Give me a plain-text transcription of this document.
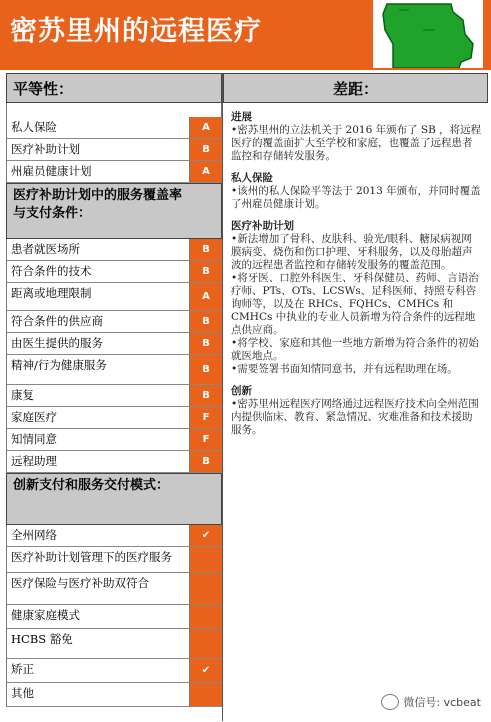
密苏里州的远程医疗
平等性：
私人保险	A
医疗补助计划	B
州雇员健康计划	A
医疗补助计划中的服务覆盖率与支付条件：
患者就医场所	B
符合条件的技术	B
距离或地理限制	A
符合条件的供应商	B
由医生提供的服务	B
精神/行为健康服务	B
康复	B
家庭医疗	F
知情同意	F
远程助理	B
创新支付和服务交付模式：
全州网络	✔
医疗补助计划管理下的医疗服务
医疗保险与医疗补助双符合
健康家庭模式
HCBS 豁免
矫正	✔
其他
差距：
进展

•密苏里州的立法机关于 2016 年颁布了 SB ，将远程医疗的覆盖面扩大至学校和家庭，也覆盖了远程患者监控和存储转发服务。

私人保险

•该州的私人保险平等法于 2013 年颁布，并同时覆盖了州雇员健康计划。

医疗补助计划

•新法增加了骨科、皮肤科、验光/眼科、糖尿病视网膜病变、烧伤和伤口护理、牙科服务，以及母胎超声波的远程患者监控和存储转发服务的覆盖范围。

•将牙医、口腔外科医生、牙科保健员、药师、言语治疗师、PTs、OTs、LCSWs、足科医师、持照专科咨询师等，以及在 RHCs、FQHCs、CMHCs 和 CMHCs 中执业的专业人员新增为符合条件的远程地点供应商。

•将学校、家庭和其他一些地方新增为符合条件的初始就医地点。

•需要签署书面知情同意书，并有远程助理在场。

创新

•密苏里州远程医疗网络通过远程医疗技术向全州范围内提供临床、教育、紧急情况、灾难准备和技术援助服务。

微信号: vcbeat
